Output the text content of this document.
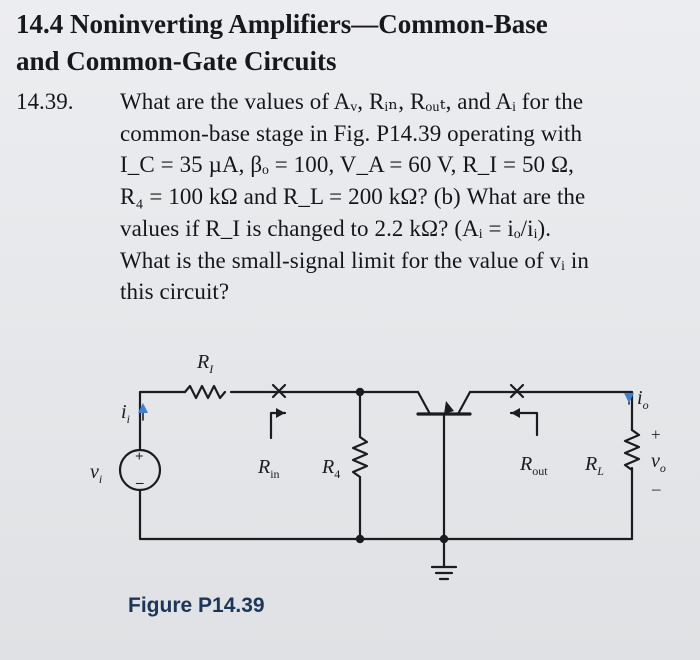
14.4 Noninverting Amplifiers—Common-Base
and Common-Gate Circuits
14.39. What are the values of Aᵥ, Rᵢₙ, Rₒᵤₜ, and Aᵢ for the
common-base stage in Fig. P14.39 operating with
I_C = 35 µA, βₒ = 100, V_A = 60 V, R_I = 50 Ω,
R₄ = 100 kΩ and R_L = 200 kΩ? (b) What are the
values if R_I is changed to 2.2 kΩ? (Aᵢ = iₒ/iᵢ).
What is the small-signal limit for the value of vᵢ in
this circuit?
$R_I$
$i_i$
$v_i$
+
–
$R_{in}$ $R_4$	$R_{out}$ $R_L$
$i_o$
+
$v_o$
–
Figure P14.39
